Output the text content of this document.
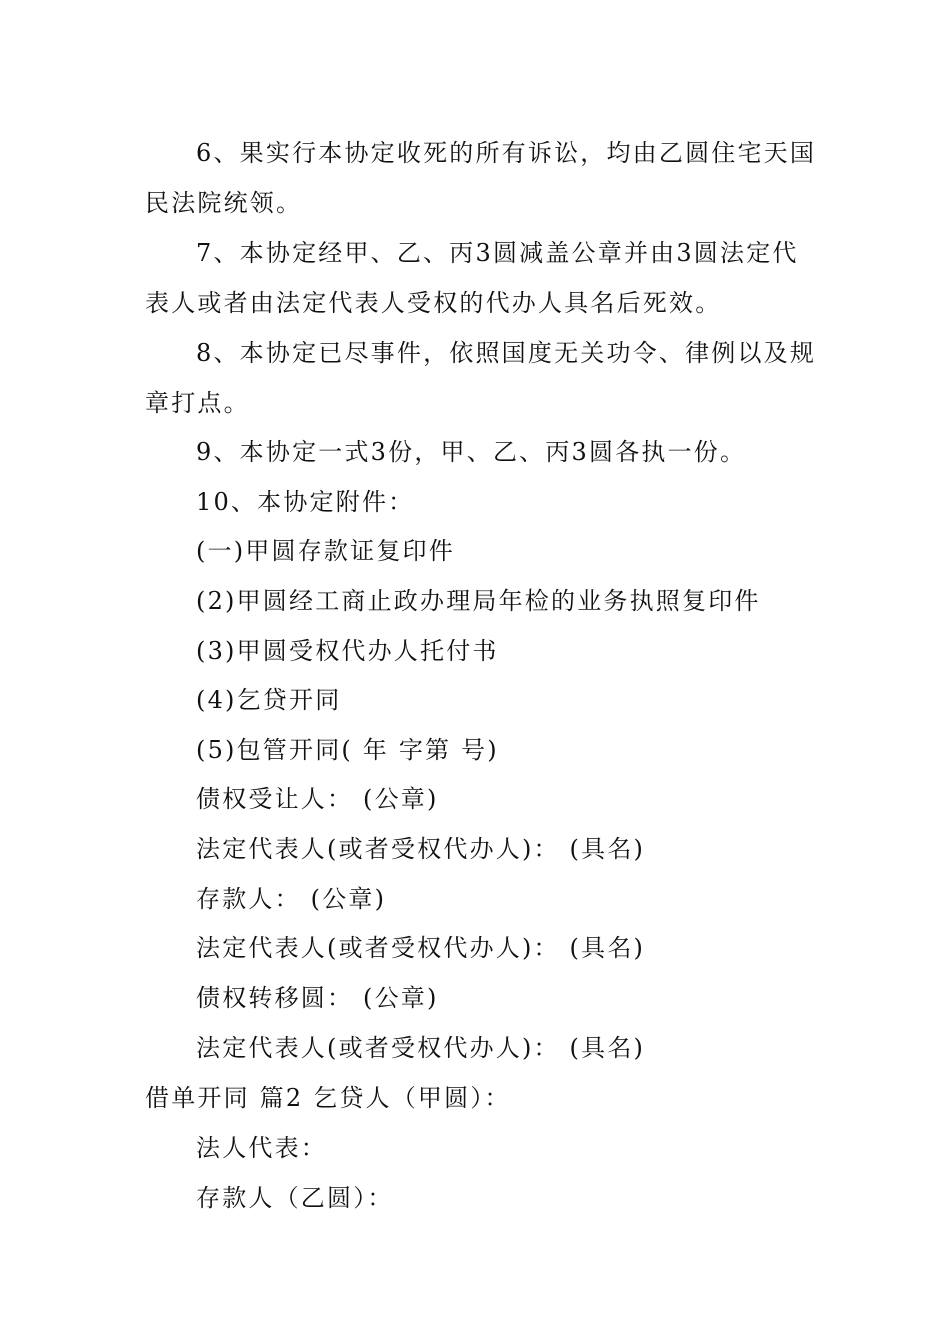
6、果实行本协定收死的所有诉讼，均由乙圆住宅天国
民法院统领。
7、本协定经甲、乙、丙3圆减盖公章并由3圆法定代
表人或者由法定代表人受权的代办人具名后死效。
8、本协定已尽事件，依照国度无关功令、律例以及规
章打点。
9、本协定一式3份，甲、乙、丙3圆各执一份。
10、本协定附件：
(一)甲圆存款证复印件
(2)甲圆经工商止政办理局年检的业务执照复印件
(3)甲圆受权代办人托付书
(4)乞贷开同
(5)包管开同( 年 字第 号)
债权受让人： (公章)
法定代表人(或者受权代办人)： (具名)
存款人： (公章)
法定代表人(或者受权代办人)： (具名)
债权转移圆： (公章)
法定代表人(或者受权代办人)： (具名)
借单开同 篇2 乞贷人（甲圆）：
法人代表：
存款人（乙圆）：
